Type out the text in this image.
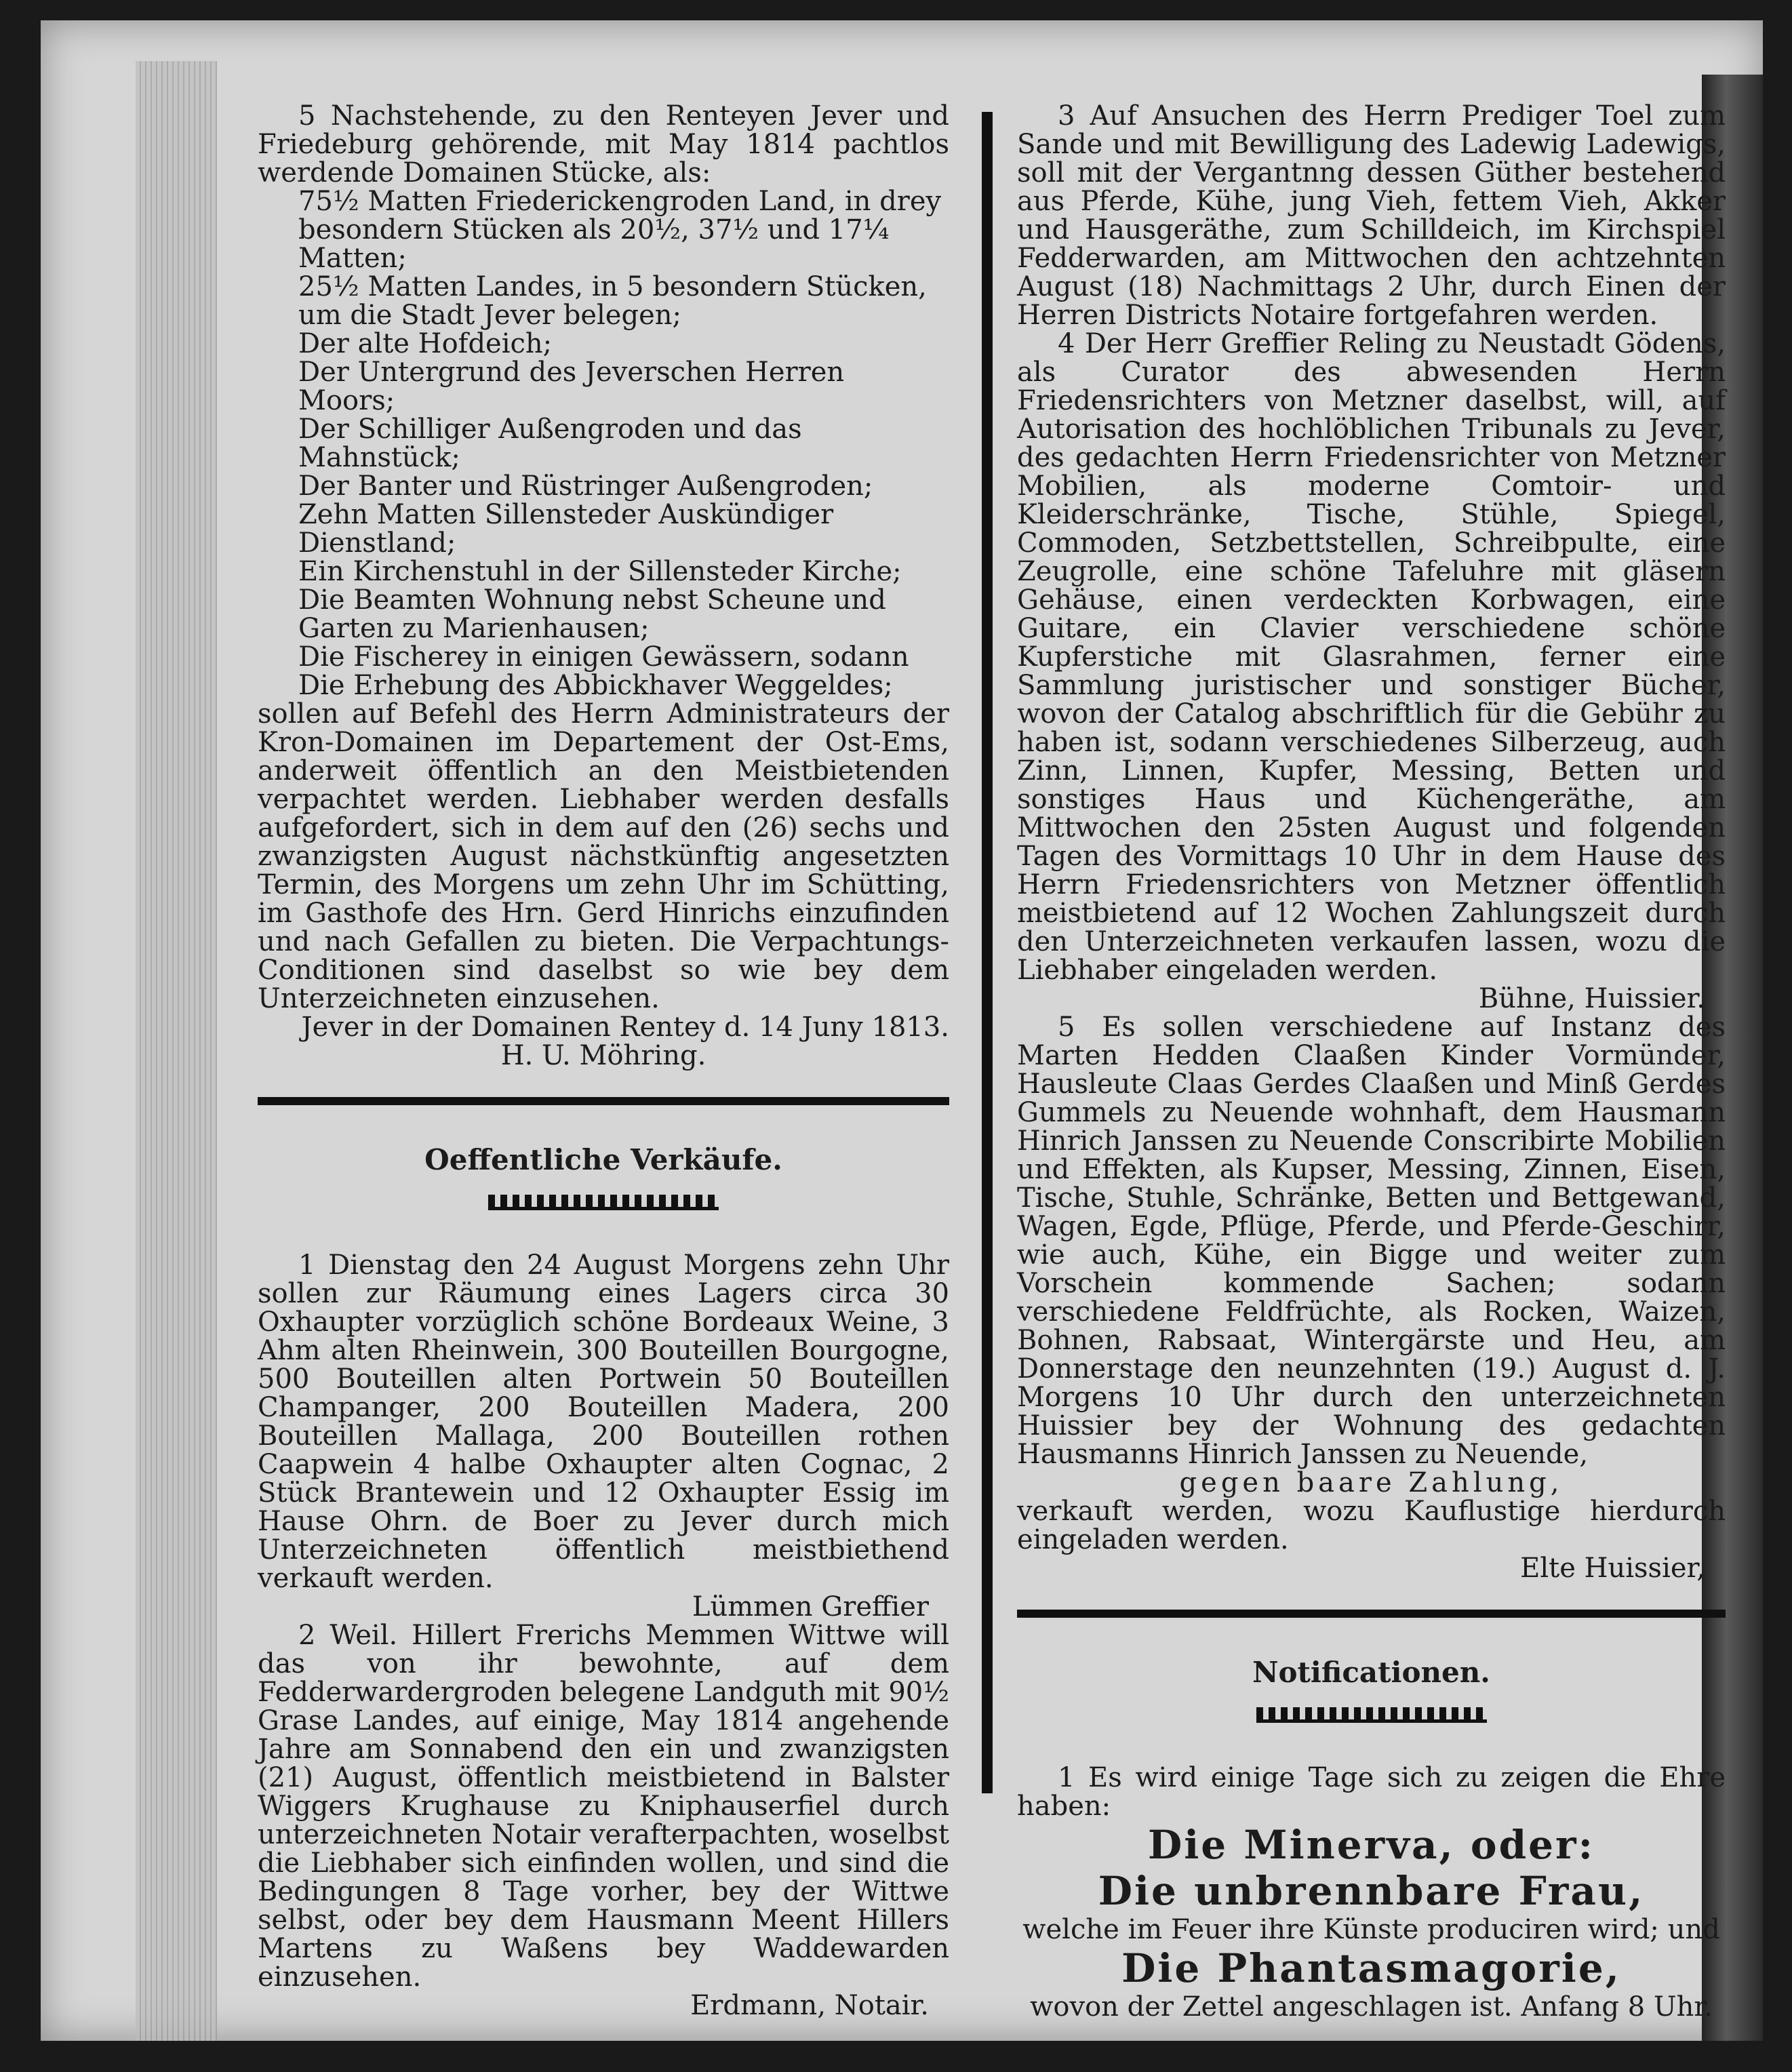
5 Nachstehende, zu den Renteyen Jever und Friedeburg gehörende, mit May 1814 pachtlos werdende Domainen Stücke, als:

75½ Matten Friederickengroden Land, in drey besondern Stücken als 20½, 37½ und 17¼ Matten;

25½ Matten Landes, in 5 besondern Stücken, um die Stadt Jever belegen;

Der alte Hofdeich;

Der Untergrund des Jeverschen Herren Moors;

Der Schilliger Außengroden und das Mahnstück;

Der Banter und Rüstringer Außengroden;

Zehn Matten Sillensteder Auskündiger Dienstland;

Ein Kirchenstuhl in der Sillensteder Kirche;

Die Beamten Wohnung nebst Scheune und Garten zu Marienhausen;

Die Fischerey in einigen Gewässern, sodann

Die Erhebung des Abbickhaver Weggeldes;

sollen auf Befehl des Herrn Administrateurs der Kron-Domainen im Departement der Ost-Ems, anderweit öffentlich an den Meistbietenden verpachtet werden. Liebhaber werden desfalls aufgefordert, sich in dem auf den (26) sechs und zwanzigsten August nächstkünftig angesetzten Termin, des Morgens um zehn Uhr im Schütting, im Gasthofe des Hrn. Gerd Hinrichs einzufinden und nach Gefallen zu bieten. Die Verpachtungs-Conditionen sind daselbst so wie bey dem Unterzeichneten einzusehen.

Jever in der Domainen Rentey d. 14 Juny 1813.

H. U. Möhring.

Oeffentliche Verkäufe.

1 Dienstag den 24 August Morgens zehn Uhr sollen zur Räumung eines Lagers circa 30 Oxhaupter vorzüglich schöne Bordeaux Weine, 3 Ahm alten Rheinwein, 300 Bouteillen Bourgogne, 500 Bouteillen alten Portwein 50 Bouteillen Champanger, 200 Bouteillen Madera, 200 Bouteillen Mallaga, 200 Bouteillen rothen Caapwein 4 halbe Oxhaupter alten Cognac, 2 Stück Brantewein und 12 Oxhaupter Essig im Hause Ohrn. de Boer zu Jever durch mich Unterzeichneten öffentlich meistbiethend verkauft werden.

Lümmen Greffier

2 Weil. Hillert Frerichs Memmen Wittwe will das von ihr bewohnte, auf dem Fedderwardergroden belegene Landguth mit 90½ Grase Landes, auf einige, May 1814 angehende Jahre am Sonnabend den ein und zwanzigsten (21) August, öffentlich meistbietend in Balster Wiggers Krughause zu Kniphauserfiel durch unterzeichneten Notair verafterpachten, woselbst die Liebhaber sich einfinden wollen, und sind die Bedingungen 8 Tage vorher, bey der Wittwe selbst, oder bey dem Hausmann Meent Hillers Martens zu Waßens bey Waddewarden einzusehen.

Erdmann, Notair.

3 Auf Ansuchen des Herrn Prediger Toel zum Sande und mit Bewilligung des Ladewig Ladewigs, soll mit der Vergantnng dessen Güther bestehend aus Pferde, Kühe, jung Vieh, fettem Vieh, Akker und Hausgeräthe, zum Schilldeich, im Kirchspiel Fedderwarden, am Mittwochen den achtzehnten August (18) Nachmittags 2 Uhr, durch Einen der Herren Districts Notaire fortgefahren werden.

4 Der Herr Greffier Reling zu Neustadt Gödens, als Curator des abwesenden Herrn Friedensrichters von Metzner daselbst, will, auf Autorisation des hochlöblichen Tribunals zu Jever, des gedachten Herrn Friedensrichter von Metzner Mobilien, als moderne Comtoir- und Kleiderschränke, Tische, Stühle, Spiegel, Commoden, Setzbettstellen, Schreibpulte, eine Zeugrolle, eine schöne Tafeluhre mit gläsern Gehäuse, einen verdeckten Korbwagen, eine Guitare, ein Clavier verschiedene schöne Kupferstiche mit Glasrahmen, ferner eine Sammlung juristischer und sonstiger Bücher, wovon der Catalog abschriftlich für die Gebühr zu haben ist, sodann verschiedenes Silberzeug, auch Zinn, Linnen, Kupfer, Messing, Betten und sonstiges Haus und Küchengeräthe, am Mittwochen den 25sten August und folgenden Tagen des Vormittags 10 Uhr in dem Hause des Herrn Friedensrichters von Metzner öffentlich meistbietend auf 12 Wochen Zahlungszeit durch den Unterzeichneten verkaufen lassen, wozu die Liebhaber eingeladen werden.

Bühne, Huissier.

5 Es sollen verschiedene auf Instanz des Marten Hedden Claaßen Kinder Vormünder, Hausleute Claas Gerdes Claaßen und Minß Gerdes Gummels zu Neuende wohnhaft, dem Hausmann Hinrich Janssen zu Neuende Conscribirte Mobilien und Effekten, als Kupser, Messing, Zinnen, Eisen, Tische, Stuhle, Schränke, Betten und Bettgewand, Wagen, Egde, Pflüge, Pferde, und Pferde-Geschirr, wie auch, Kühe, ein Bigge und weiter zum Vorschein kommende Sachen; sodann verschiedene Feldfrüchte, als Rocken, Waizen, Bohnen, Rabsaat, Wintergärste und Heu, am Donnerstage den neunzehnten (19.) August d. J. Morgens 10 Uhr durch den unterzeichneten Huissier bey der Wohnung des gedachten Hausmanns Hinrich Janssen zu Neuende,

gegen baare Zahlung,

verkauft werden, wozu Kauflustige hierdurch eingeladen werden.

Elte Huissier,

Notificationen.

1 Es wird einige Tage sich zu zeigen die Ehre haben:

Die Minerva, oder:
Die unbrennbare Frau,

welche im Feuer ihre Künste produciren wird; und

Die Phantasmagorie,

wovon der Zettel angeschlagen ist. Anfang 8 Uhr.
